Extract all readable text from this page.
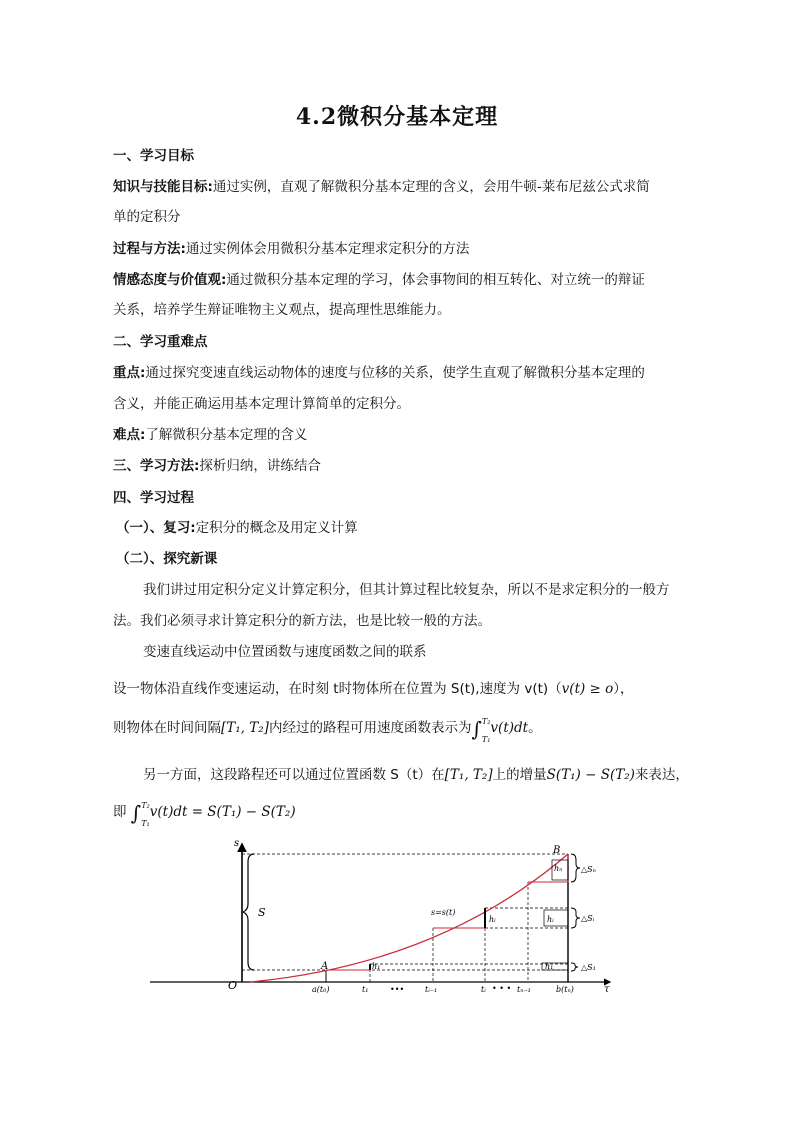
4.2微积分基本定理
一、学习目标
知识与技能目标:通过实例，直观了解微积分基本定理的含义，会用牛顿-莱布尼兹公式求简
单的定积分
过程与方法:通过实例体会用微积分基本定理求定积分的方法
情感态度与价值观:通过微积分基本定理的学习，体会事物间的相互转化、对立统一的辩证
关系，培养学生辩证唯物主义观点，提高理性思维能力。
二、学习重难点
重点:通过探究变速直线运动物体的速度与位移的关系，使学生直观了解微积分基本定理的
含义，并能正确运用基本定理计算简单的定积分。
难点:了解微积分基本定理的含义
三、学习方法:探析归纳，讲练结合
四、学习过程
（一）、复习:定积分的概念及用定义计算
（二）、探究新课
我们讲过用定积分定义计算定积分，但其计算过程比较复杂，所以不是求定积分的一般方
法。我们必须寻求计算定积分的新方法，也是比较一般的方法。
变速直线运动中位置函数与速度函数之间的联系
设一物体沿直线作变速运动，在时刻 t时物体所在位置为 S(t),速度为 v(t)（v(t) ≥ o），
则物体在时间间隔[T₁, T₂]内经过的路程可用速度函数表示为∫T₂

T₁v(t)dt。
另一方面，这段路程还可以通过位置函数 S（t）在[T₁, T₂]上的增量S(T₁) − S(T₂)来表达，
即 ∫T₂

T₁v(t)dt = S(T₁) − S(T₂)
s
τ
O
S
A
B
s=s(t)
h₁
hᵢ
hₙ
hᵢ
h₁
△Sₙ
△Sᵢ
△S₁
a(t₀)	t₁	•••	tᵢ₋₁	tᵢ • • • tₙ₋₁	b(tₙ)
